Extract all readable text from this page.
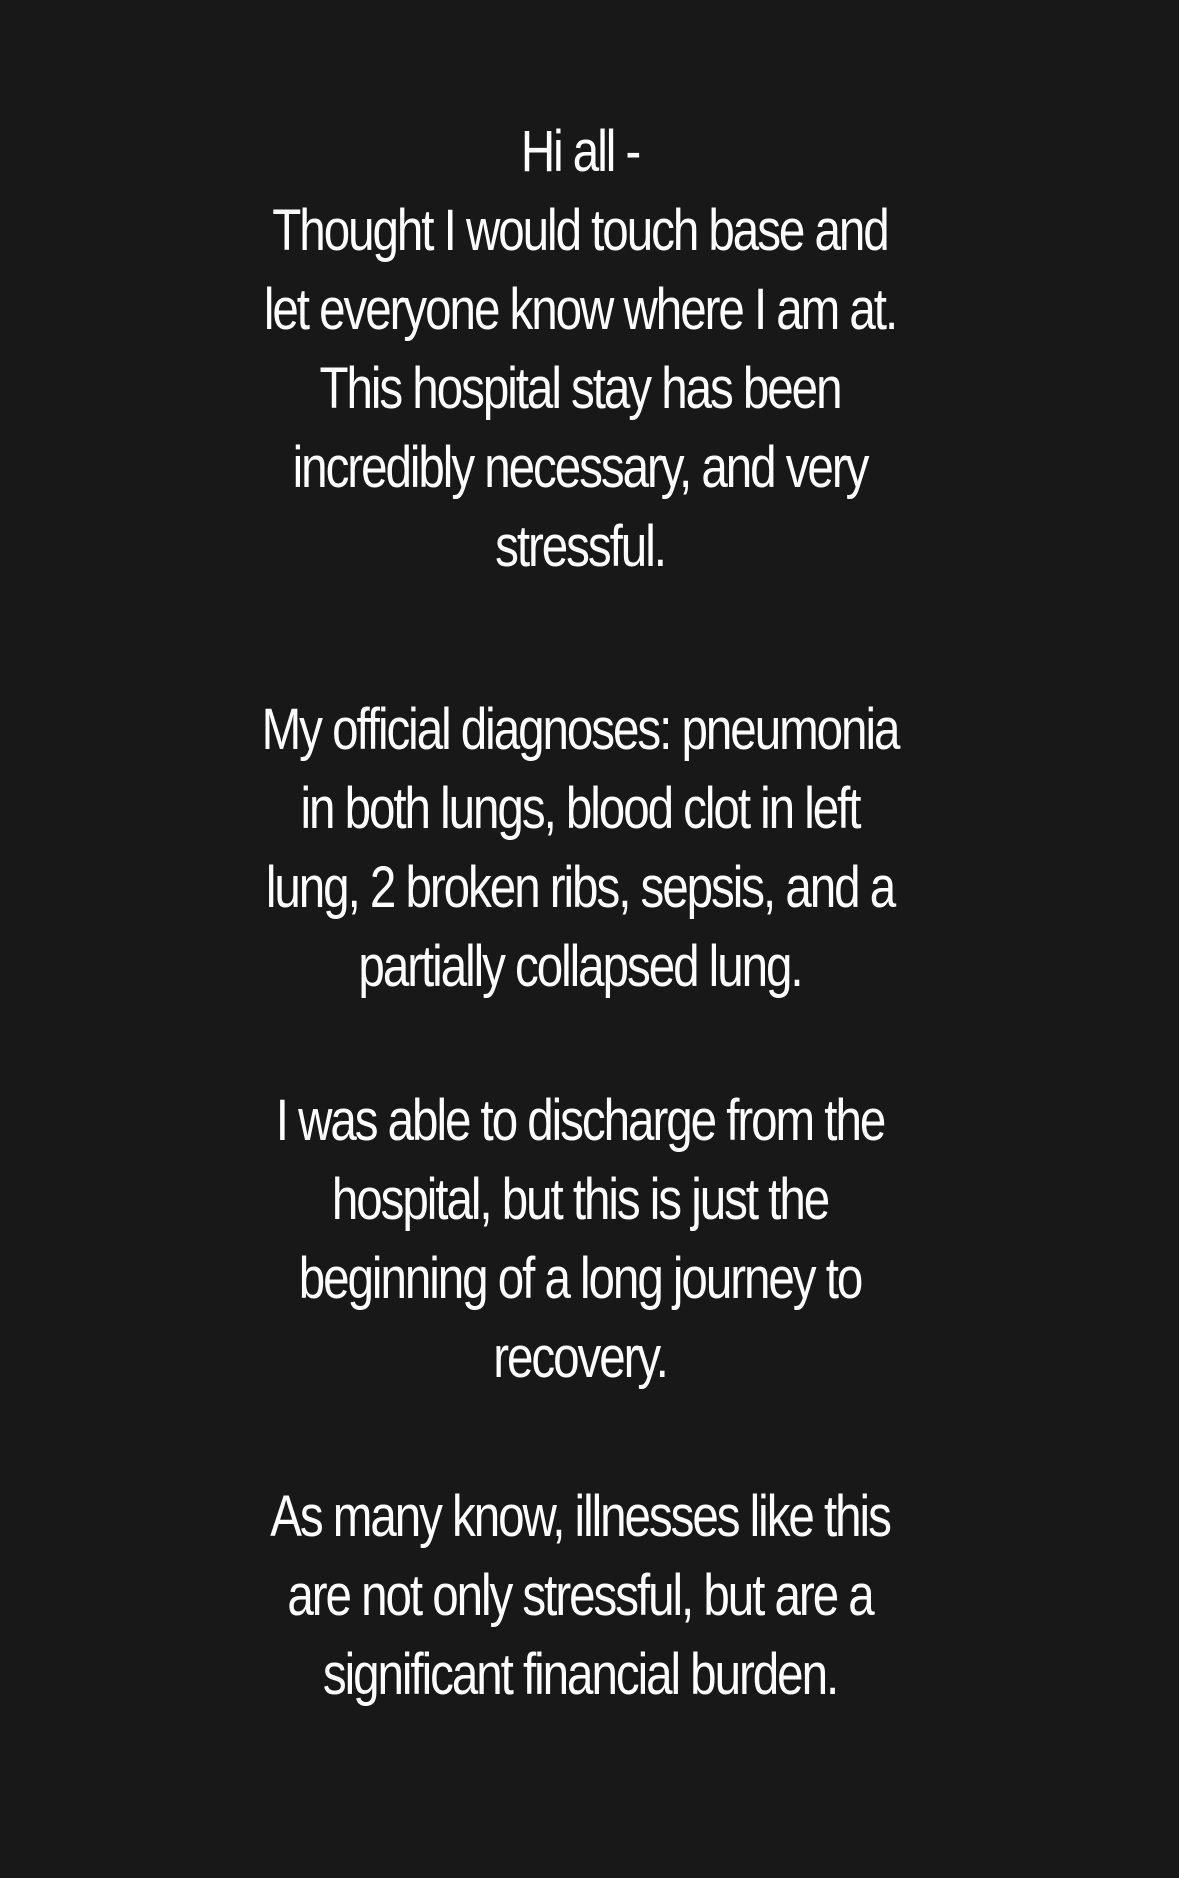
Hi all -
Thought I would touch base and
let everyone know where I am at.
This hospital stay has been
incredibly necessary, and very
stressful.
My official diagnoses: pneumonia
in both lungs, blood clot in left
lung, 2 broken ribs, sepsis, and a
partially collapsed lung.
I was able to discharge from the
hospital, but this is just the
beginning of a long journey to
recovery.
As many know, illnesses like this
are not only stressful, but are a
significant financial burden.
